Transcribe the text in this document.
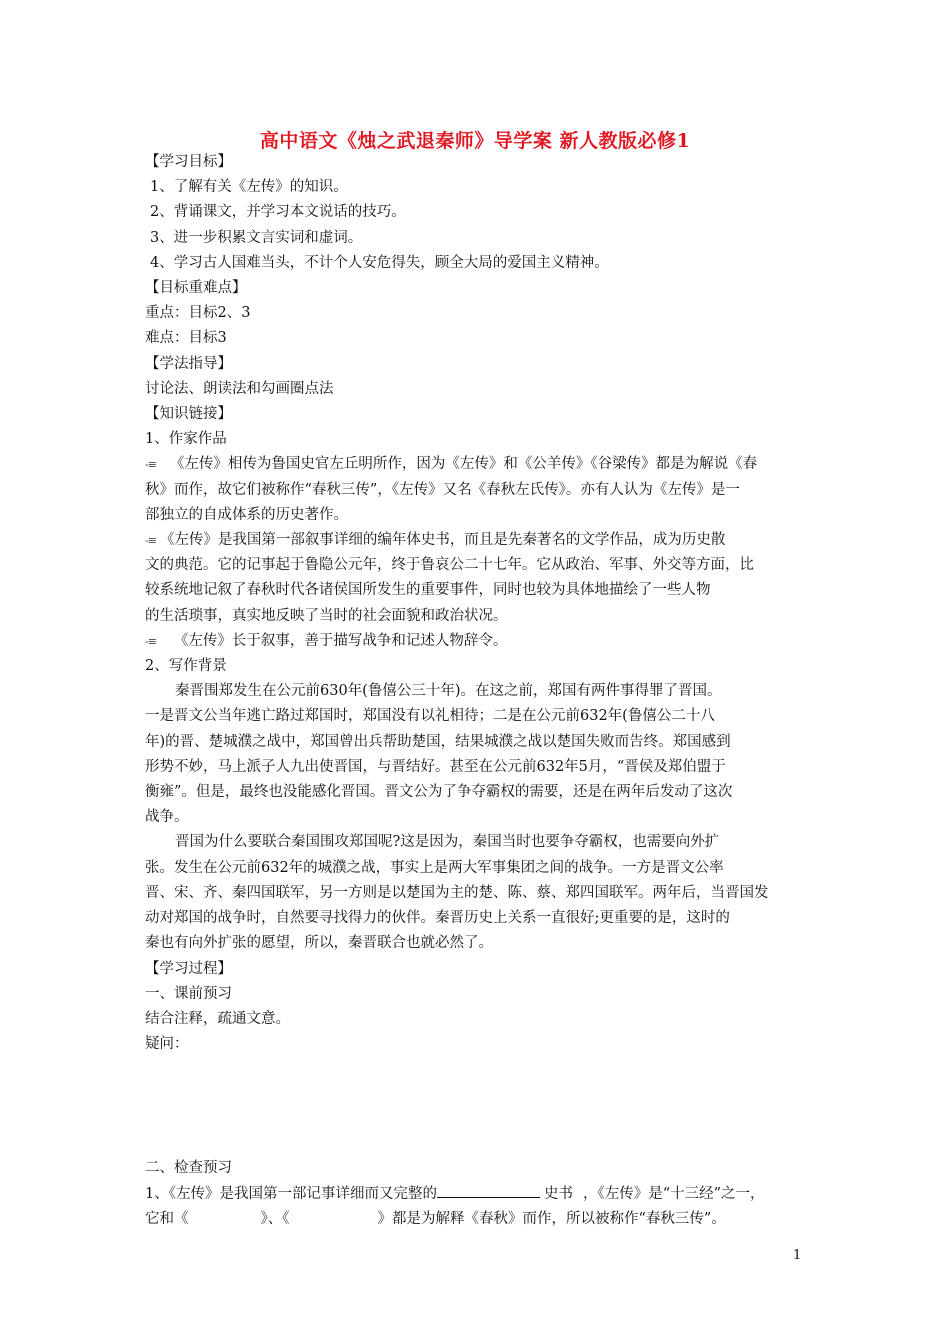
高中语文《烛之武退秦师》导学案 新人教版必修1

【学习目标】

1、了解有关《左传》的知识。

2、背诵课文，并学习本文说话的技巧。

3、进一步积累文言实词和虚词。

4、学习古人国难当头，不计个人安危得失，顾全大局的爱国主义精神。

【目标重难点】

重点：目标2、3

难点：目标3

【学法指导】

讨论法、朗读法和勾画圈点法

【知识链接】

1、作家作品

-≡ 《左传》相传为鲁国史官左丘明所作，因为《左传》和《公羊传》《谷梁传》都是为解说《春

秋》而作，故它们被称作“春秋三传”，《左传》又名《春秋左氏传》。亦有人认为《左传》是一

部独立的自成体系的历史著作。

-≡ 《左传》是我国第一部叙事详细的编年体史书，而且是先秦著名的文学作品，成为历史散

文的典范。它的记事起于鲁隐公元年，终于鲁哀公二十七年。它从政治、军事、外交等方面，比

较系统地记叙了春秋时代各诸侯国所发生的重要事件，同时也较为具体地描绘了一些人物

的生活琐事，真实地反映了当时的社会面貌和政治状况。

-≡ 《左传》长于叙事，善于描写战争和记述人物辞令。

2、写作背景

秦晋围郑发生在公元前630年(鲁僖公三十年)。在这之前，郑国有两件事得罪了晋国。

一是晋文公当年逃亡路过郑国时，郑国没有以礼相待；二是在公元前632年(鲁僖公二十八

年)的晋、楚城濮之战中，郑国曾出兵帮助楚国，结果城濮之战以楚国失败而告终。郑国感到

形势不妙，马上派子人九出使晋国，与晋结好。甚至在公元前632年5月，“晋侯及郑伯盟于

衡雍”。但是，最终也没能感化晋国。晋文公为了争夺霸权的需要，还是在两年后发动了这次

战争。

晋国为什么要联合秦国围攻郑国呢?这是因为，秦国当时也要争夺霸权，也需要向外扩

张。发生在公元前632年的城濮之战，事实上是两大军事集团之间的战争。一方是晋文公率

晋、宋、齐、秦四国联军，另一方则是以楚国为主的楚、陈、蔡、郑四国联军。两年后，当晋国发

动对郑国的战争时，自然要寻找得力的伙伴。秦晋历史上关系一直很好;更重要的是，这时的

秦也有向外扩张的愿望，所以，秦晋联合也就必然了。

【学习过程】

一、课前预习

结合注释，疏通文意。

疑问：

二、检查预习

1、《左传》是我国第一部记事详细而又完整的	史书 ，《左传》是“十三经”之一，

它和《	》、《	》都是为解释《春秋》而作，所以被称作“春秋三传”。

1
